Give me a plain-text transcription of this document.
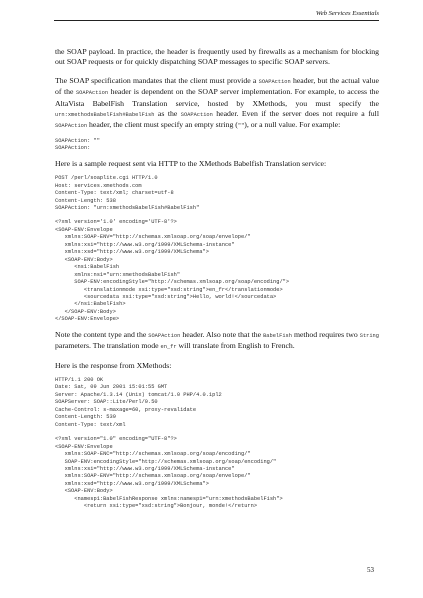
Web Services Essentials

the SOAP payload. In practice, the header is frequently used by firewalls as a mechanism for blocking out SOAP requests or for quickly dispatching SOAP messages to specific SOAP servers.

The SOAP specification mandates that the client must provide a SOAPAction header, but the actual value of the SOAPAction header is dependent on the SOAP server implementation. For example, to access the AltaVista BabelFish Translation service, hosted by XMethods, you must specify the urn:xmethodsBabelFish#BabelFish as the SOAPAction header. Even if the server does not require a full SOAPAction header, the client must specify an empty string (""), or a null value. For example:

SOAPAction: ""
SOAPAction:

Here is a sample request sent via HTTP to the XMethods Babelfish Translation service:

POST /perl/soaplite.cgi HTTP/1.0
Host: services.xmethods.com
Content-Type: text/xml; charset=utf-8
Content-Length: 538
SOAPAction: "urn:xmethodsBabelFish#BabelFish"
<?xml version='1.0' encoding='UTF-8'?>
<SOAP-ENV:Envelope
xmlns:SOAP-ENV="http://schemas.xmlsoap.org/soap/envelope/"
xmlns:xsi="http://www.w3.org/1999/XMLSchema-instance"
xmlns:xsd="http://www.w3.org/1999/XMLSchema">
<SOAP-ENV:Body>
<ns1:BabelFish
xmlns:ns1="urn:xmethodsBabelFish"
SOAP-ENV:encodingStyle="http://schemas.xmlsoap.org/soap/encoding/">
<translationmode xsi:type="xsd:string">en_fr</translationmode>
<sourcedata xsi:type="xsd:string">Hello, world!</sourcedata>
</ns1:BabelFish>
</SOAP-ENV:Body>
</SOAP-ENV:Envelope>

Note the content type and the SOAPAction header. Also note that the BabelFish method requires two String parameters. The translation mode en_fr will translate from English to French.

Here is the response from XMethods:

HTTP/1.1 200 OK
Date: Sat, 09 Jun 2001 15:01:55 GMT
Server: Apache/1.3.14 (Unix) tomcat/1.0 PHP/4.0.1pl2
SOAPServer: SOAP::Lite/Perl/0.50
Cache-Control: s-maxage=60, proxy-revalidate
Content-Length: 539
Content-Type: text/xml
<?xml version="1.0" encoding="UTF-8"?>
<SOAP-ENV:Envelope
xmlns:SOAP-ENC="http://schemas.xmlsoap.org/soap/encoding/"
SOAP-ENV:encodingStyle="http://schemas.xmlsoap.org/soap/encoding/"
xmlns:xsi="http://www.w3.org/1999/XMLSchema-instance"
xmlns:SOAP-ENV="http://schemas.xmlsoap.org/soap/envelope/"
xmlns:xsd="http://www.w3.org/1999/XMLSchema">
<SOAP-ENV:Body>
<namesp1:BabelFishResponse xmlns:namesp1="urn:xmethodsBabelFish">
<return xsi:type="xsd:string">Bonjour, monde!</return>
53
